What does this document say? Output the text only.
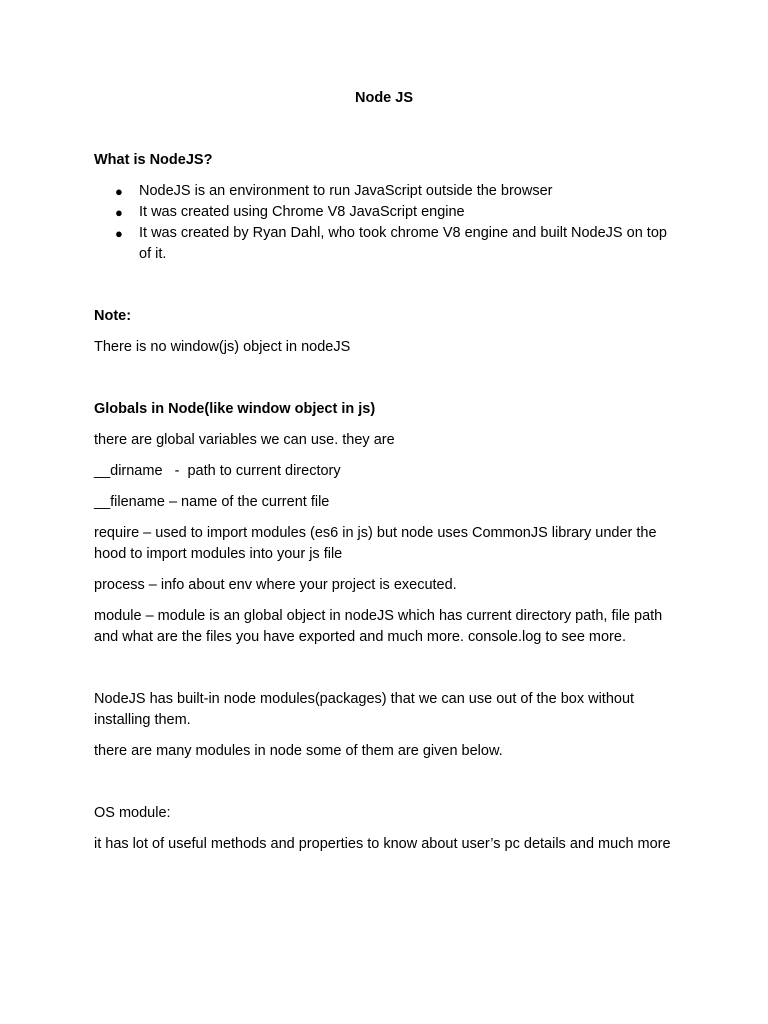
Node JS

What is NodeJS?

● NodeJS is an environment to run JavaScript outside the browser
● It was created using Chrome V8 JavaScript engine
● It was created by Ryan Dahl, who took chrome V8 engine and built NodeJS on top of it.

Note:

There is no window(js) object in nodeJS

Globals in Node(like window object in js)

there are global variables we can use. they are

__dirname   -  path to current directory

__filename – name of the current file

require – used to import modules (es6 in js) but node uses CommonJS library under the hood to import modules into your js file

process – info about env where your project is executed.

module – module is an global object in nodeJS which has current directory path, file path and what are the files you have exported and much more. console.log to see more.

NodeJS has built-in node modules(packages) that we can use out of the box without installing them.

there are many modules in node some of them are given below.

OS module:

it has lot of useful methods and properties to know about user’s pc details and much more
